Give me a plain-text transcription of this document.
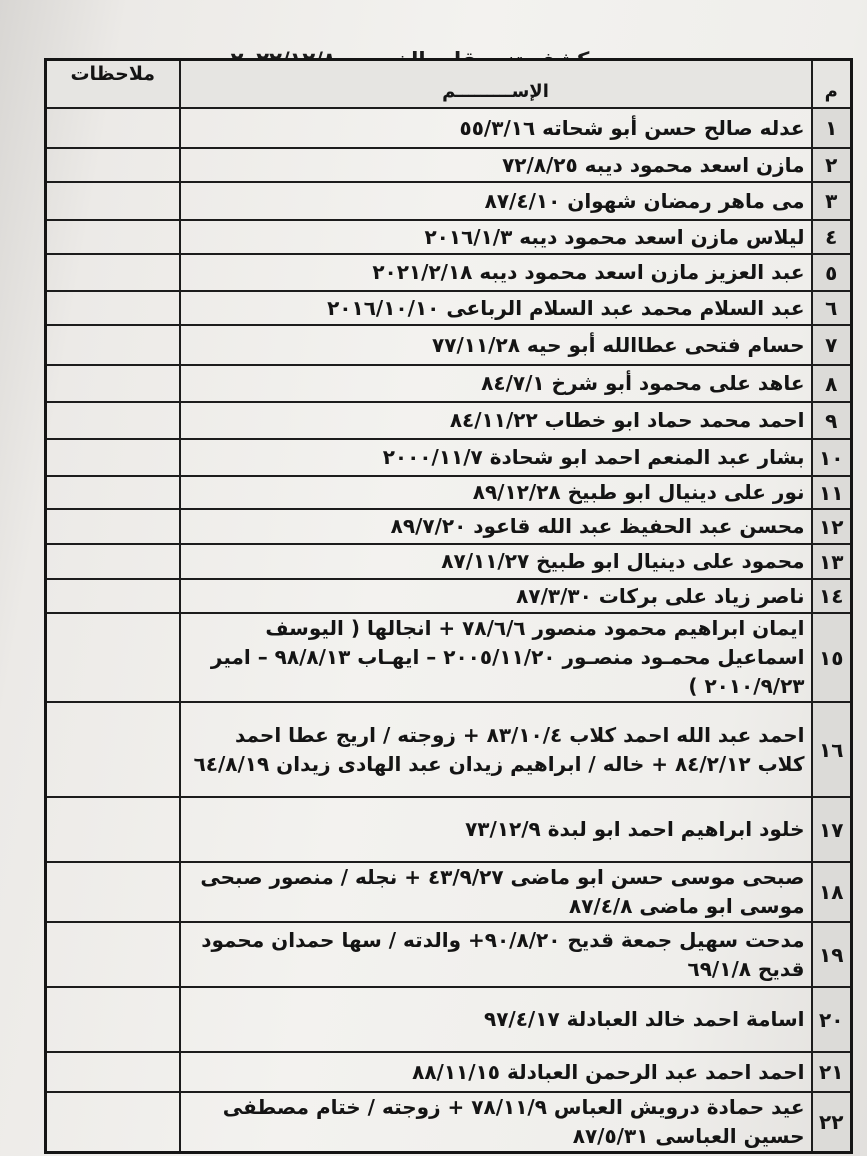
م	الإســـــــــم	ملاحظات
١	عدله صالح حسن أبو شحاته ٥٥/٣/١٦	
٢	مازن اسعد محمود ديبه ٧٢/٨/٢٥	
٣	مى ماهر رمضان شهوان ٨٧/٤/١٠	
٤	ليلاس مازن اسعد محمود ديبه ٢٠١٦/١/٣	
٥	عبد العزيز مازن اسعد محمود ديبه ٢٠٢١/٢/١٨	
٦	عبد السلام محمد عبد السلام الرباعى ٢٠١٦/١٠/١٠	
٧	حسام فتحى عطاالله أبو حيه ٧٧/١١/٢٨	
٨	عاهد على محمود أبو شرخ ٨٤/٧/١	
٩	احمد محمد حماد ابو خطاب ٨٤/١١/٢٢	
١٠	بشار عبد المنعم احمد ابو شحادة ٢٠٠٠/١١/٧	
١١	نور على دينيال ابو طبيخ ٨٩/١٢/٢٨	
١٢	محسن عبد الحفيظ عبد الله قاعود ٨٩/٧/٢٠	
١٣	محمود على دينيال ابو طبيخ ٨٧/١١/٢٧	
١٤	ناصر زياد على بركات ٨٧/٣/٣٠	
١٥	ايمان ابراهيم محمود منصور ٧٨/٦/٦ + انجالها ( اليوسف اسماعيل محمـود منصـور ٢٠٠٥/١١/٢٠ – ايهـاب ٩٨/٨/١٣ – امير ٢٠١٠/٩/٢٣ )	
١٦	احمد عبد الله احمد كلاب ٨٣/١٠/٤ + زوجته / اريج عطا احمد كلاب ٨٤/٢/١٢ + خاله / ابراهيم زيدان عبد الهادى زيدان ٦٤/٨/١٩	
١٧	خلود ابراهيم احمد ابو لبدة ٧٣/١٢/٩	
١٨	صبحى موسى حسن ابو ماضى ٤٣/٩/٢٧ + نجله / منصور صبحى موسى ابو ماضى ٨٧/٤/٨	
١٩	مدحت سهيل جمعة قديح ٩٠/٨/٢٠+ والدته / سها حمدان محمود قديح ٦٩/١/٨	
٢٠	اسامة احمد خالد العبادلة ٩٧/٤/١٧	
٢١	احمد احمد عبد الرحمن العبادلة ٨٨/١١/١٥	
٢٢	عيد حمادة درويش العباس ٧٨/١١/٩ + زوجته / ختام مصطفى حسين العباسى ٨٧/٥/٣١	
